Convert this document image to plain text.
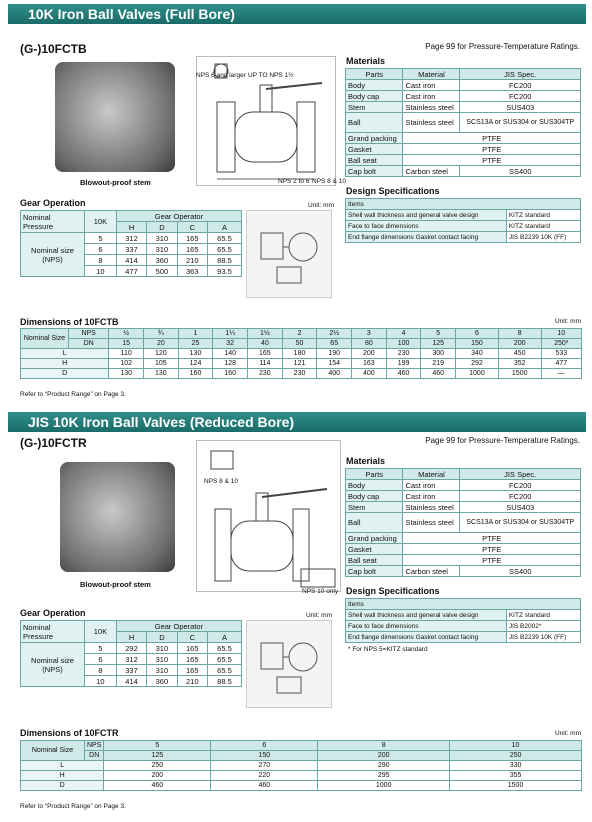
10K Iron Ball Valves (Full Bore)
(G-)10FCTB	Page 99 for Pressure-Temperature Ratings.
Blowout-proof stem
NPS 6 and larger UP TO NPS 1½
NPS 2 to 6 NPS 8 & 10
Materials
Parts	Material	JIS Spec.
Body	Cast iron	FC200
Body cap	Cast iron	FC200
Stem	Stainless steel	SUS403
Ball	Stainless steel	SCS13A or SUS304 or SUS304TP
Grand packing	PTFE	
Gasket	PTFE	
Ball seat	PTFE	
Cap bolt	Carbon steel	SS400
Design Specifications
Items	
Shell wall thickness and general valve design	KITZ standard
Face to face dimensions	KITZ standard
End flange dimensions Gasket contact facing	JIS B2239 10K (FF)
Gear Operation	Unit: mm
Nominal Pressure	10K	Gear Operator			
		H	D	C	A
Nominal size (NPS)	5	312	310	165	65.5
	6	337	310	165	65.5
	8	414	360	210	88.5
	10	477	500	363	93.5
Dimensions of 10FCTB	Unit: mm
Nominal Size	NPS	½	¾	1	1¼	1½	2	2½	3	4	5	6	8	10
	DN	15	20	25	32	40	50	65	80	100	125	150	200	250*
L		110	120	130	140	165	180	190	200	230	300	340	450	533
H		102	105	124	128	114	121	154	163	199	219	292	352	477
D		130	130	160	160	230	230	400	400	460	460	1000	1500	—
Refer to “Product Range” on Page 3.
JIS 10K Iron Ball Valves (Reduced Bore)
(G-)10FCTR	Page 99 for Pressure-Temperature Ratings.
Blowout-proof stem
NPS 8 & 10
NPS 10 only
Materials
Parts	Material	JIS Spec.
Body	Cast iron	FC200
Body cap	Cast iron	FC200
Stem	Stainless steel	SUS403
Ball	Stainless steel	SCS13A or SUS304 or SUS304TP
Grand packing	PTFE	
Gasket	PTFE	
Ball seat	PTFE	
Cap bolt	Carbon steel	SS400
Design Specifications
Items	
Shell wall thickness and general valve design	KITZ standard
Face to face dimensions	JIS B2002*
End flange dimensions Gasket contact facing	JIS B2239 10K (FF)
* For NPS 5=KITZ standard
Gear Operation	Unit: mm
Nominal Pressure	10K	Gear Operator			
		H	D	C	A
Nominal size (NPS)	5	292	310	165	65.5
	6	312	310	165	65.5
	8	337	310	165	65.5
	10	414	360	210	88.5
Dimensions of 10FCTR	Unit: mm
Nominal Size	NPS	5	6	8	10
	DN	125	150	200	250
L		250	270	290	330
H		200	220	295	355
D		460	460	1000	1500
Refer to “Product Range” on Page 3.
